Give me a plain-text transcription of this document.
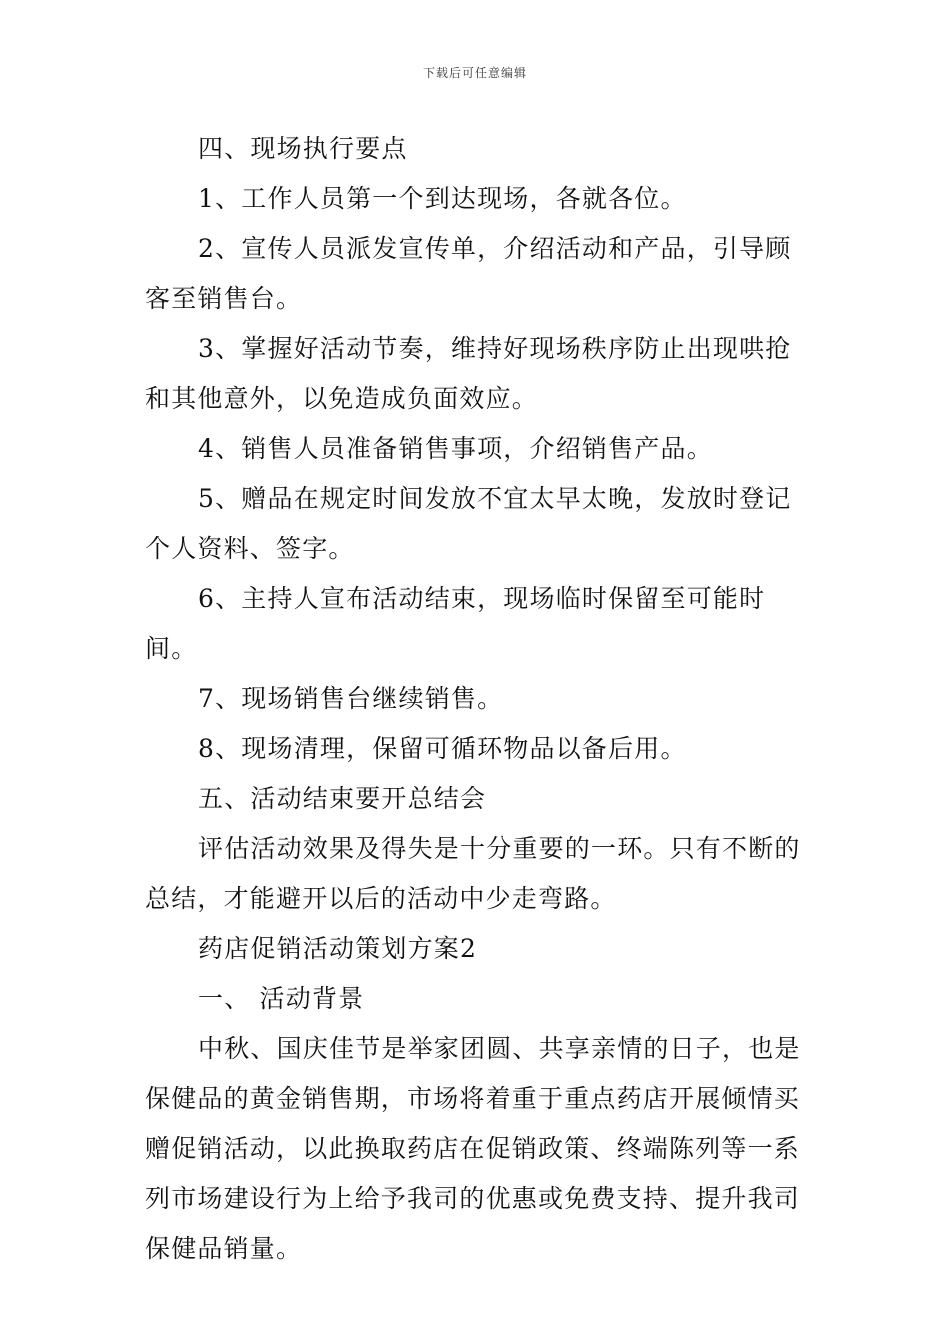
下载后可任意编辑

四、现场执行要点

1、工作人员第一个到达现场，各就各位。

2、宣传人员派发宣传单，介绍活动和产品，引导顾客至销售台。

3、掌握好活动节奏，维持好现场秩序防止出现哄抢和其他意外，以免造成负面效应。

4、销售人员准备销售事项，介绍销售产品。

5、赠品在规定时间发放不宜太早太晚，发放时登记个人资料、签字。

6、主持人宣布活动结束，现场临时保留至可能时间。

7、现场销售台继续销售。

8、现场清理，保留可循环物品以备后用。

五、活动结束要开总结会

评估活动效果及得失是十分重要的一环。只有不断的总结，才能避开以后的活动中少走弯路。

药店促销活动策划方案2

一、 活动背景

中秋、国庆佳节是举家团圆、共享亲情的日子，也是保健品的黄金销售期，市场将着重于重点药店开展倾情买赠促销活动，以此换取药店在促销政策、终端陈列等一系列市场建设行为上给予我司的优惠或免费支持、提升我司保健品销量。
